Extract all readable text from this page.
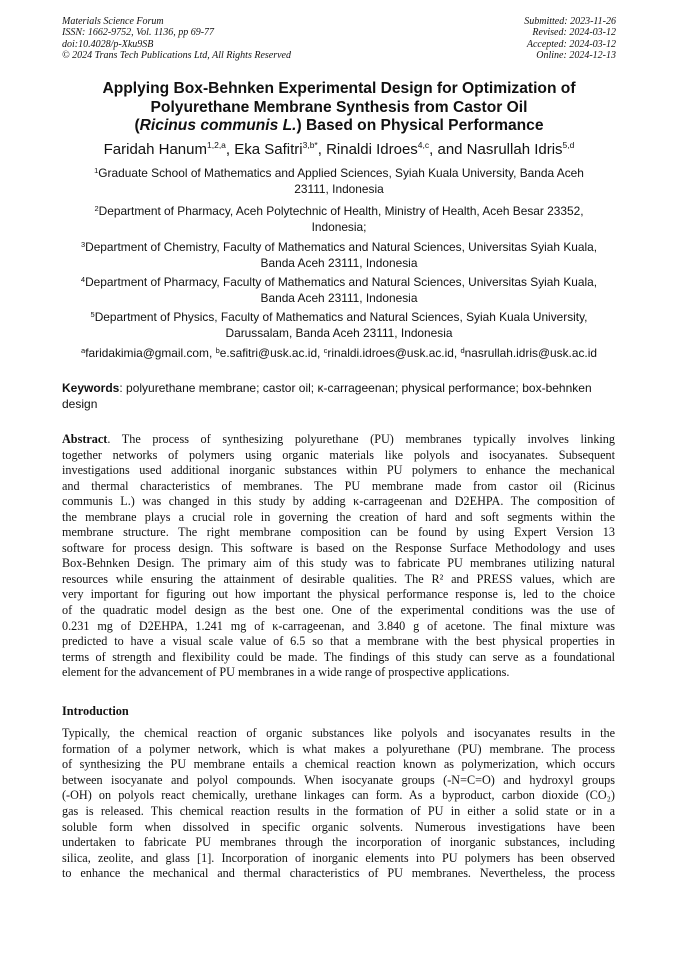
Materials Science Forum
ISSN: 1662-9752, Vol. 1136, pp 69-77
doi:10.4028/p-Xku9SB
© 2024 Trans Tech Publications Ltd, All Rights Reserved
Submitted: 2023-11-26
Revised: 2024-03-12
Accepted: 2024-03-12
Online: 2024-12-13
Applying Box-Behnken Experimental Design for Optimization of
Polyurethane Membrane Synthesis from Castor Oil
(Ricinus communis L.) Based on Physical Performance
Faridah Hanum$^{1,2,a}$, Eka Safitri$^{3,b*}$, Rinaldi Idroes$^{4,c}$, and Nasrullah Idris$^{5,d}$
$^1$Graduate School of Mathematics and Applied Sciences, Syiah Kuala University, Banda Aceh
23111, Indonesia
$^2$Department of Pharmacy, Aceh Polytechnic of Health, Ministry of Health, Aceh Besar 23352,
Indonesia;
$^3$Department of Chemistry, Faculty of Mathematics and Natural Sciences, Universitas Syiah Kuala,
Banda Aceh 23111, Indonesia
$^4$Department of Pharmacy, Faculty of Mathematics and Natural Sciences, Universitas Syiah Kuala,
Banda Aceh 23111, Indonesia
$^5$Department of Physics, Faculty of Mathematics and Natural Sciences, Syiah Kuala University,
Darussalam, Banda Aceh 23111, Indonesia
$^a$faridakimia@gmail.com, $^b$e.safitri@usk.ac.id, $^c$rinaldi.idroes@usk.ac.id, $^d$nasrullah.idris@usk.ac.id
Keywords: polyurethane membrane; castor oil; κ-carrageenan; physical performance; box-behnken
design
Abstract. The process of synthesizing polyurethane (PU) membranes typically involves linking
together networks of polymers using organic materials like polyols and isocyanates. Subsequent
investigations used additional inorganic substances within PU polymers to enhance the mechanical
and thermal characteristics of membranes. The PU membrane made from castor oil (Ricinus
communis L.) was changed in this study by adding κ-carrageenan and D2EHPA. The composition of
the membrane plays a crucial role in governing the creation of hard and soft segments within the
membrane structure. The right membrane composition can be found by using Expert Version 13
software for process design. This software is based on the Response Surface Methodology and uses
Box-Behnken Design. The primary aim of this study was to fabricate PU membranes utilizing natural
resources while ensuring the attainment of desirable qualities. The R² and PRESS values, which are
very important for figuring out how important the physical performance response is, led to the choice
of the quadratic model design as the best one. One of the experimental conditions was the use of
0.231 mg of D2EHPA, 1.241 mg of κ-carrageenan, and 3.840 g of acetone. The final mixture was
predicted to have a visual scale value of 6.5 so that a membrane with the best physical properties in
terms of strength and flexibility could be made. The findings of this study can serve as a foundational
element for the advancement of PU membranes in a wide range of prospective applications.
Introduction
Typically, the chemical reaction of organic substances like polyols and isocyanates results in the
formation of a polymer network, which is what makes a polyurethane (PU) membrane. The process
of synthesizing the PU membrane entails a chemical reaction known as polymerization, which occurs
between isocyanate and polyol compounds. When isocyanate groups (-N=C=O) and hydroxyl groups
(-OH) on polyols react chemically, urethane linkages can form. As a byproduct, carbon dioxide (CO₂)
gas is released. This chemical reaction results in the formation of PU in either a solid state or in a
soluble form when dissolved in specific organic solvents. Numerous investigations have been
undertaken to fabricate PU membranes through the incorporation of inorganic substances, including
silica, zeolite, and glass [1]. Incorporation of inorganic elements into PU polymers has been observed
to enhance the mechanical and thermal characteristics of PU membranes. Nevertheless, the process
